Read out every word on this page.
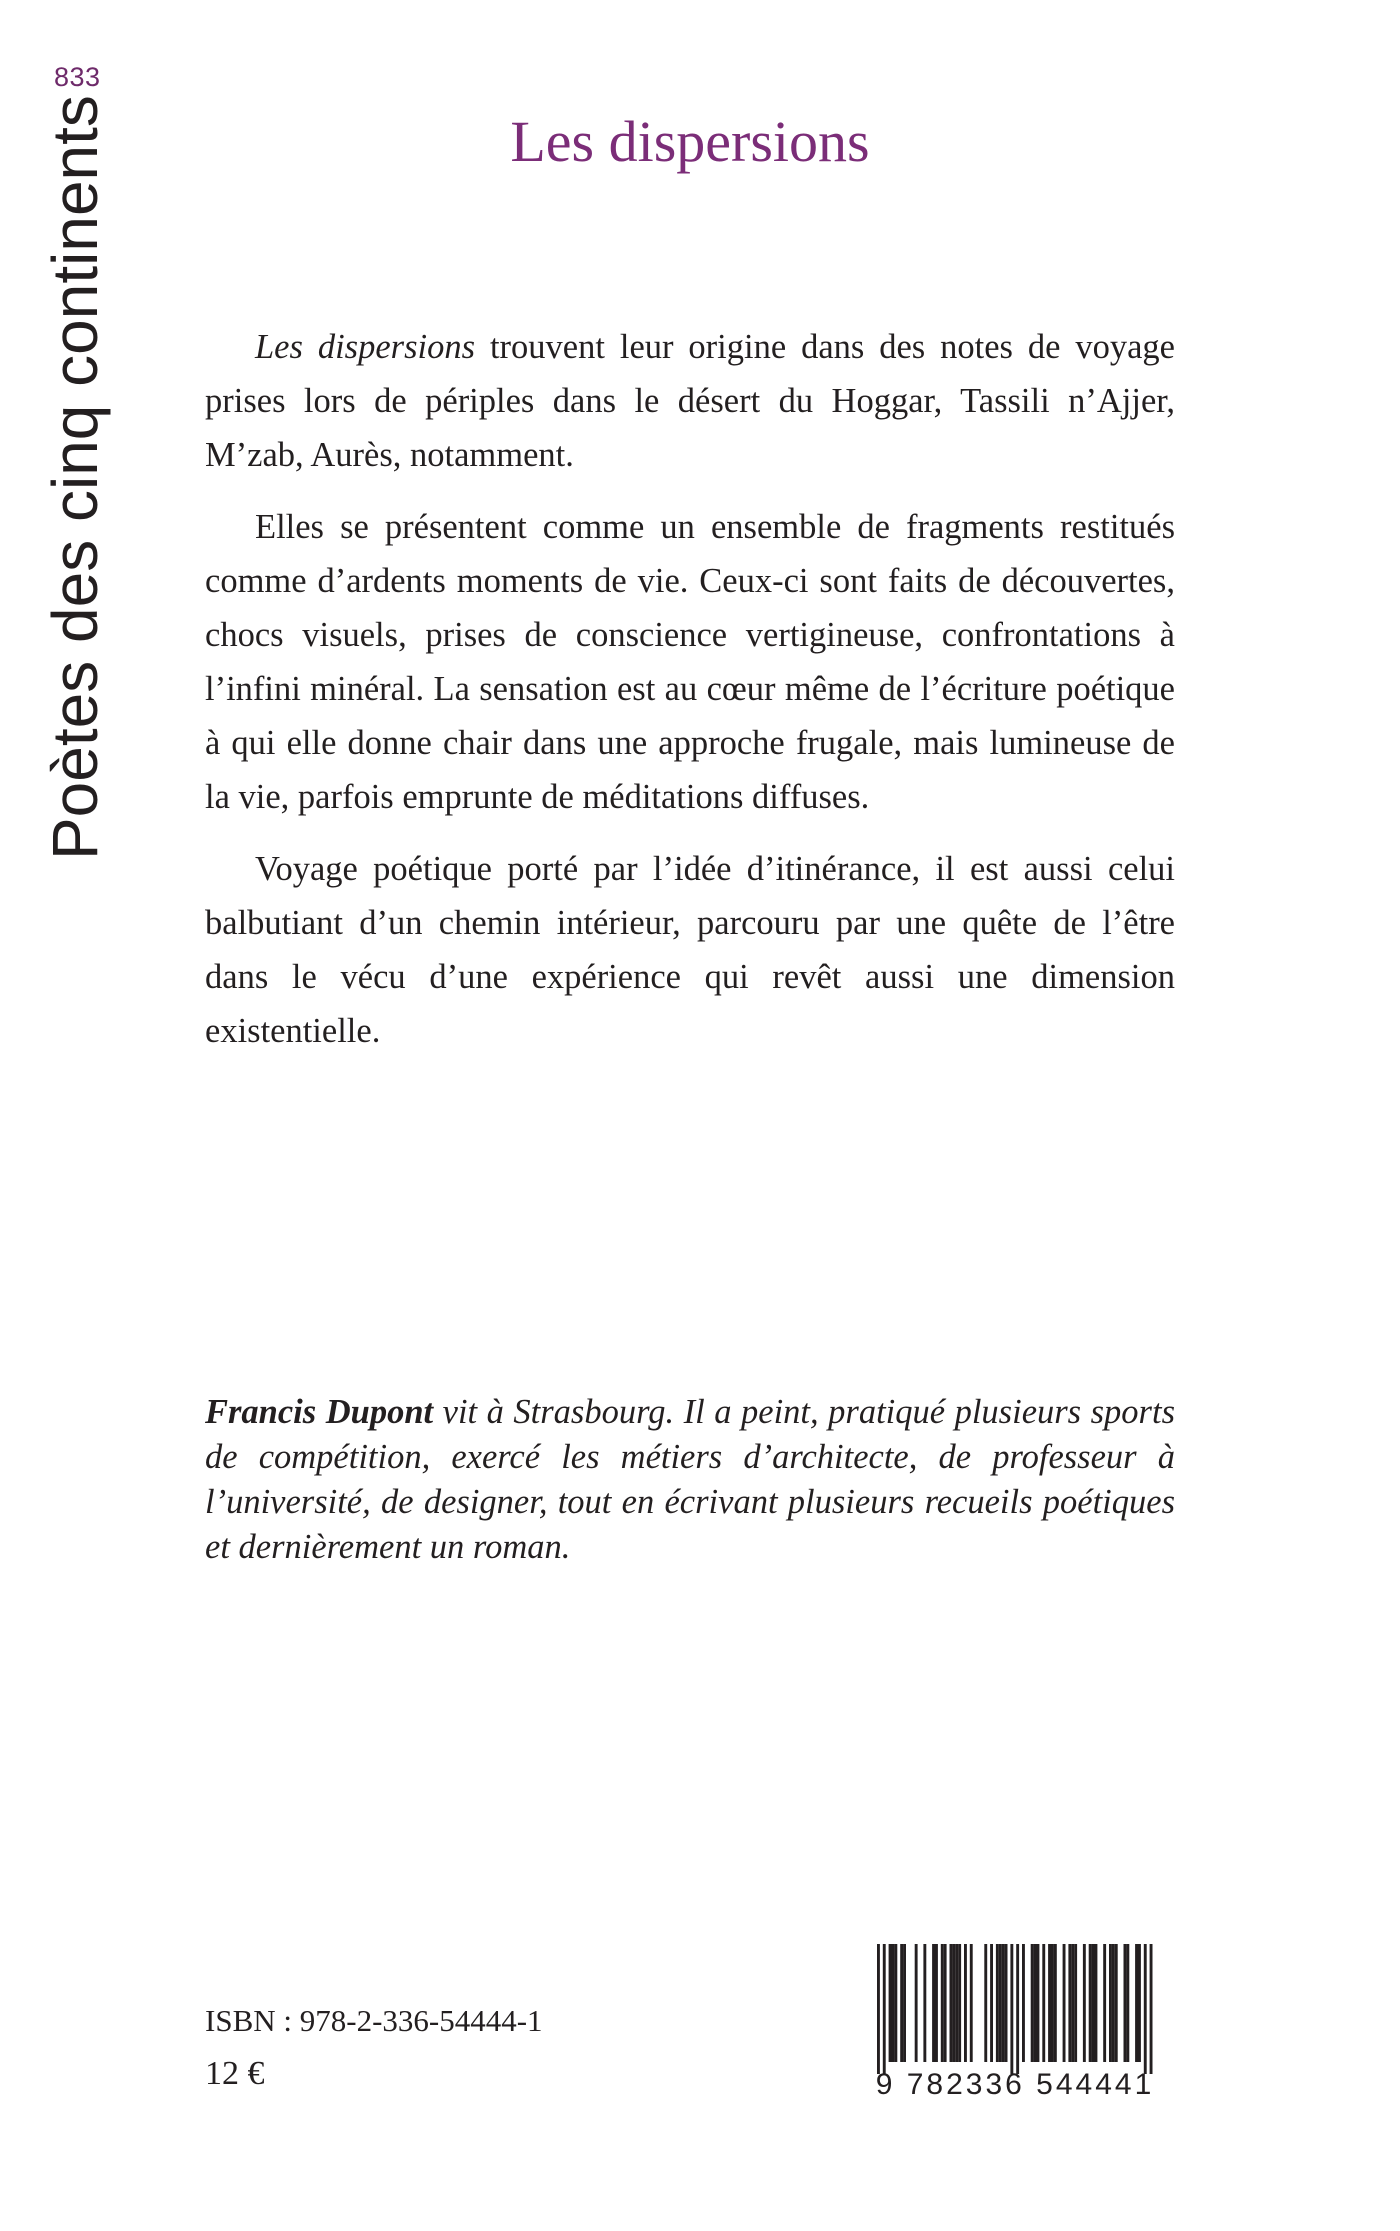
833
Poètes des cinq continents	Les dispersions

Les dispersions trouvent leur origine dans des notes de voyage prises lors de périples dans le désert du Hoggar, Tassili n’Ajjer, M’zab, Aurès, notamment.

Elles se présentent comme un ensemble de fragments restitués comme d’ardents moments de vie. Ceux-ci sont faits de découvertes, chocs visuels, prises de conscience vertigineuse, confrontations à l’infini minéral. La sensation est au cœur même de l’écriture poétique à qui elle donne chair dans une approche frugale, mais lumineuse de la vie, parfois emprunte de méditations diffuses.

Voyage poétique porté par l’idée d’itinérance, il est aussi celui balbutiant d’un chemin intérieur, parcouru par une quête de l’être dans le vécu d’une expérience qui revêt aussi une dimension existentielle.

Francis Dupont vit à Strasbourg. Il a peint, pratiqué plusieurs sports de compétition, exercé les métiers d’architecte, de professeur à l’université, de designer, tout en écrivant plusieurs recueils poétiques et dernièrement un roman.
ISBN : 978-2-336-54444-1
12 €	9 782336 544441
